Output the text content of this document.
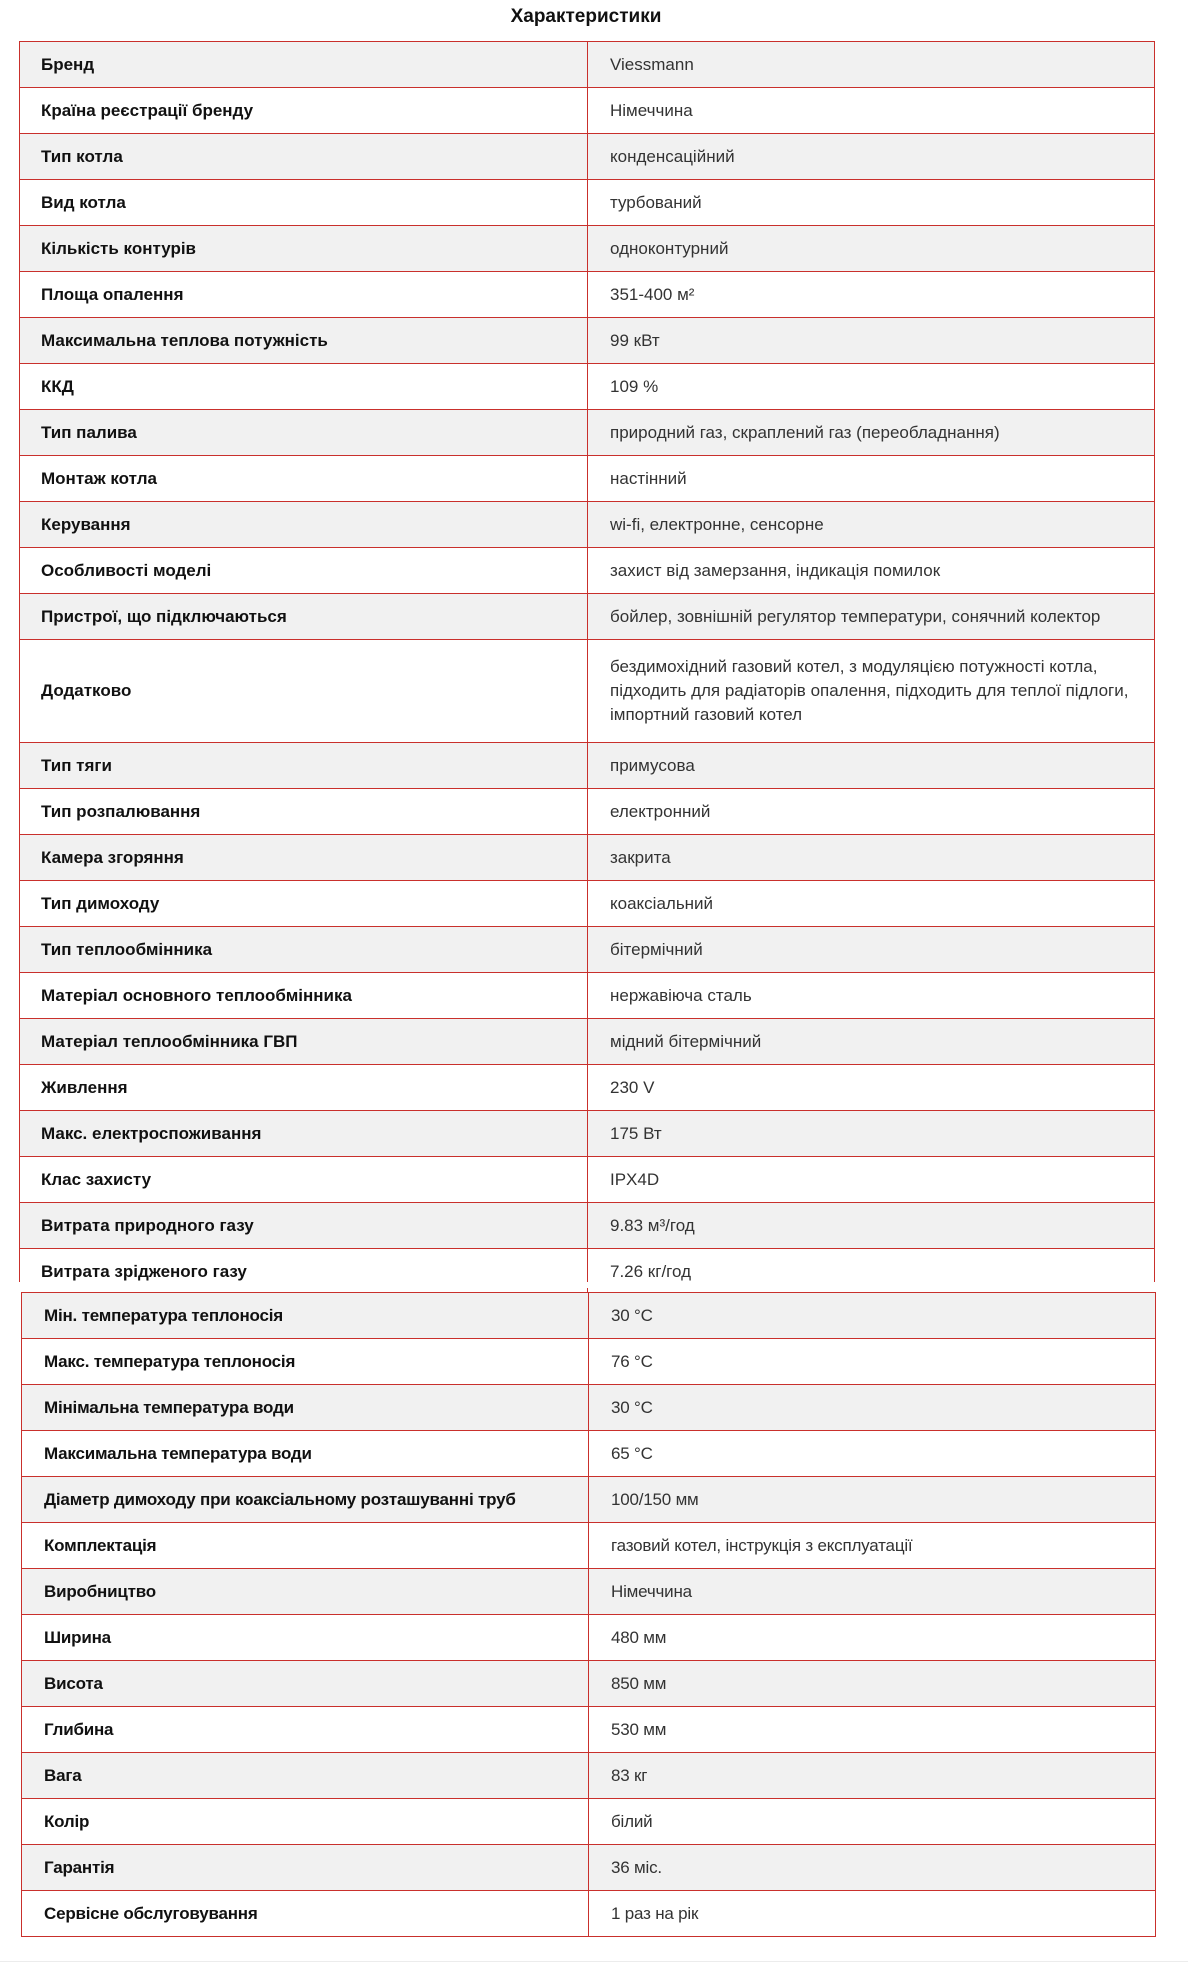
Характеристики
Бренд	Viessmann
Країна реєстрації бренду	Німеччина
Тип котла	конденсаційний
Вид котла	турбований
Кількість контурів	одноконтурний
Площа опалення	351-400 м²
Максимальна теплова потужність	99 кВт
ККД	109 %
Тип палива	природний газ, скраплений газ (переобладнання)
Монтаж котла	настінний
Керування	wi-fi, електронне, сенсорне
Особливості моделі	захист від замерзання, індикація помилок
Пристрої, що підключаються	бойлер, зовнішній регулятор температури, сонячний колектор
Додатково	бездимохідний газовий котел, з модуляцією потужності котла, підходить для радіаторів опалення, підходить для теплої підлоги, імпортний газовий котел
Тип тяги	примусова
Тип розпалювання	електронний
Камера згоряння	закрита
Тип димоходу	коаксіальний
Тип теплообмінника	бітермічний
Матеріал основного теплообмінника	нержавіюча сталь
Матеріал теплообмінника ГВП	мідний бітермічний
Живлення	230 V
Макс. електроспоживання	175 Вт
Клас захисту	IPX4D
Витрата природного газу	9.83 м³/год
Витрата зрідженого газу	7.26 кг/год
Мін. температура теплоносія	30 °C
Макс. температура теплоносія	76 °C
Мінімальна температура води	30 °C
Максимальна температура води	65 °C
Діаметр димоходу при коаксіальному розташуванні труб	100/150 мм
Комплектація	газовий котел, інструкція з експлуатації
Виробництво	Німеччина
Ширина	480 мм
Висота	850 мм
Глибина	530 мм
Вага	83 кг
Колір	білий
Гарантія	36 міс.
Сервісне обслуговування	1 раз на рік
